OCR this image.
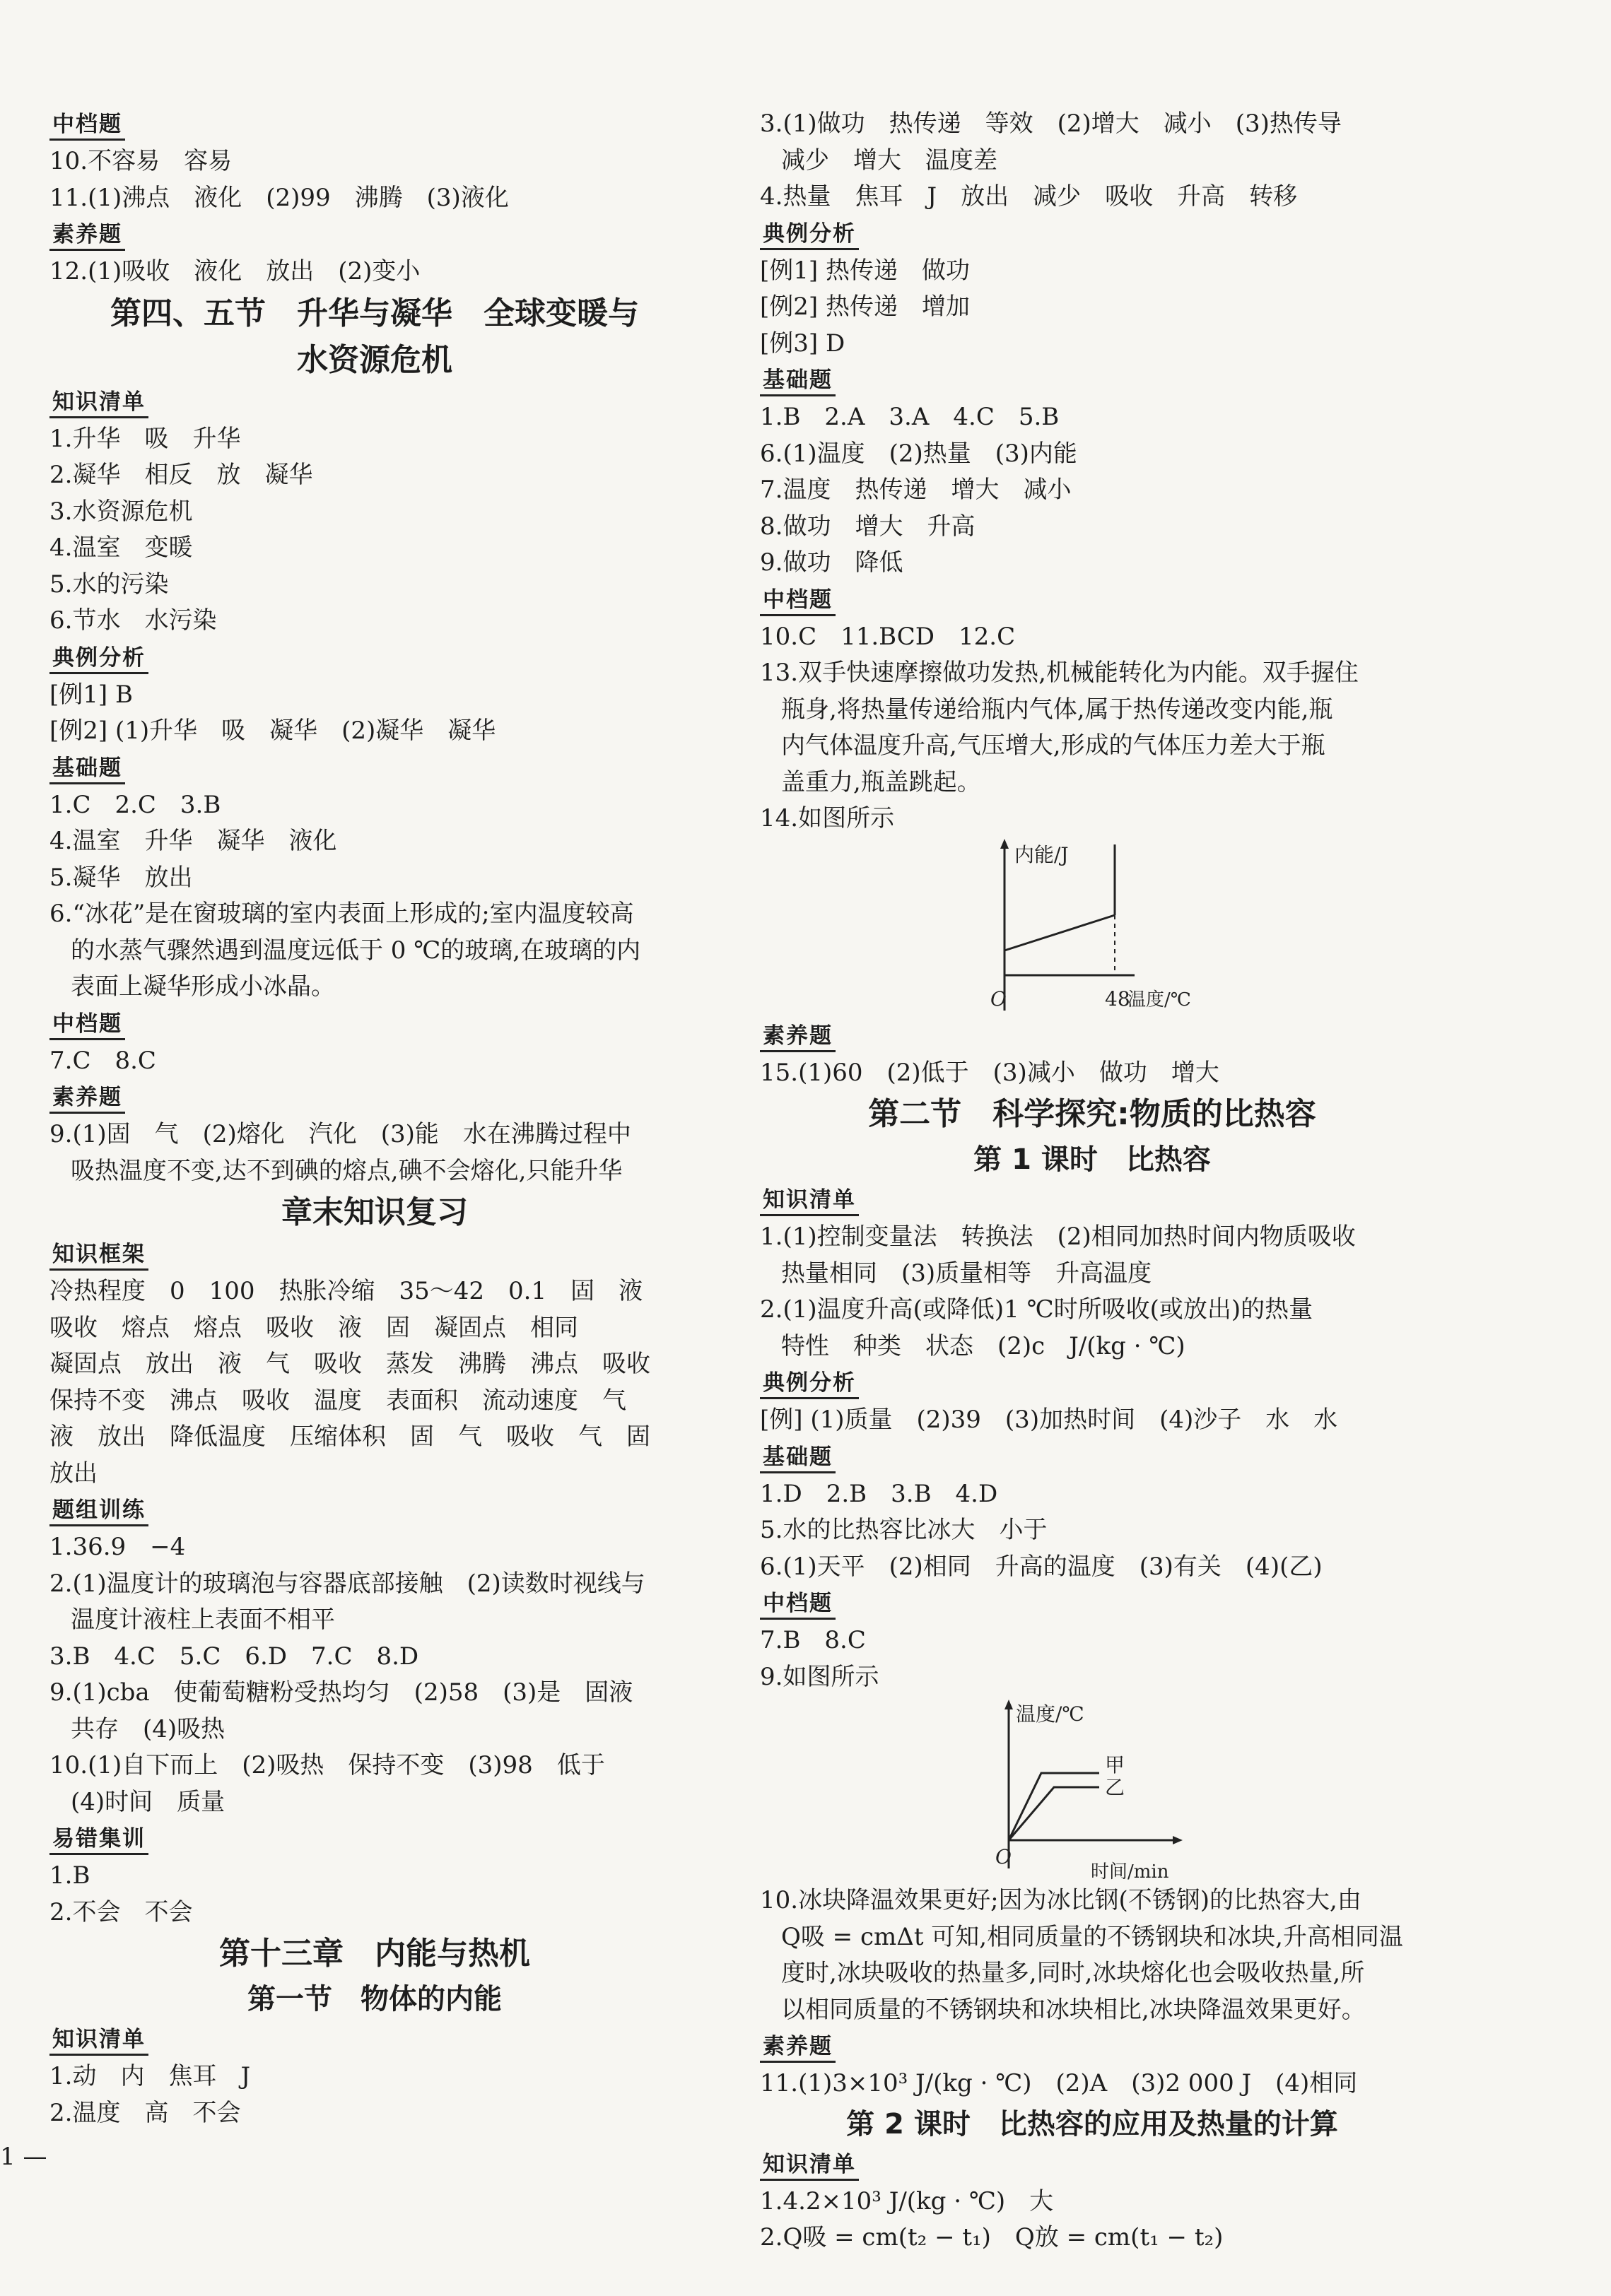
中档题
10.不容易　容易
11.(1)沸点　液化　(2)99　沸腾　(3)液化
素养题
12.(1)吸收　液化　放出　(2)变小
第四、五节　升华与凝华　全球变暖与
水资源危机
知识清单
1.升华　吸　升华
2.凝华　相反　放　凝华
3.水资源危机
4.温室　变暖
5.水的污染
6.节水　水污染
典例分析
[例1] B
[例2] (1)升华　吸　凝华　(2)凝华　凝华
基础题
1.C　2.C　3.B
4.温室　升华　凝华　液化
5.凝华　放出
6.“冰花”是在窗玻璃的室内表面上形成的;室内温度较高
的水蒸气骤然遇到温度远低于 0 ℃的玻璃,在玻璃的内
表面上凝华形成小冰晶。
中档题
7.C　8.C
素养题
9.(1)固　气　(2)熔化　汽化　(3)能　水在沸腾过程中
吸热温度不变,达不到碘的熔点,碘不会熔化,只能升华
章末知识复习
知识框架
冷热程度　0　100　热胀冷缩　35～42　0.1　固　液
吸收　熔点　熔点　吸收　液　固　凝固点　相同
凝固点　放出　液　气　吸收　蒸发　沸腾　沸点　吸收
保持不变　沸点　吸收　温度　表面积　流动速度　气
液　放出　降低温度　压缩体积　固　气　吸收　气　固
放出
题组训练
1.36.9　−4
2.(1)温度计的玻璃泡与容器底部接触　(2)读数时视线与
温度计液柱上表面不相平
3.B　4.C　5.C　6.D　7.C　8.D
9.(1)cba　使葡萄糖粉受热均匀　(2)58　(3)是　固液
共存　(4)吸热
10.(1)自下而上　(2)吸热　保持不变　(3)98　低于
(4)时间　质量
易错集训
1.B
2.不会　不会
第十三章　内能与热机
第一节　物体的内能
知识清单
1.动　内　焦耳　J
2.温度　高　不会
3.(1)做功　热传递　等效　(2)增大　减小　(3)热传导
减少　增大　温度差
4.热量　焦耳　J　放出　减少　吸收　升高　转移
典例分析
[例1] 热传递　做功
[例2] 热传递　增加
[例3] D
基础题
1.B　2.A　3.A　4.C　5.B
6.(1)温度　(2)热量　(3)内能
7.温度　热传递　增大　减小
8.做功　增大　升高
9.做功　降低
中档题
10.C　11.BCD　12.C
13.双手快速摩擦做功发热,机械能转化为内能。双手握住
瓶身,将热量传递给瓶内气体,属于热传递改变内能,瓶
内气体温度升高,气压增大,形成的气体压力差大于瓶
盖重力,瓶盖跳起。
14.如图所示
内能/J
O	48
温度/℃
素养题
15.(1)60　(2)低于　(3)减小　做功　增大
第二节　科学探究:物质的比热容
第 1 课时　比热容
知识清单
1.(1)控制变量法　转换法　(2)相同加热时间内物质吸收
热量相同　(3)质量相等　升高温度
2.(1)温度升高(或降低)1 ℃时所吸收(或放出)的热量
特性　种类　状态　(2)c　J/(kg · ℃)
典例分析
[例] (1)质量　(2)39　(3)加热时间　(4)沙子　水　水
基础题
1.D　2.B　3.B　4.D
5.水的比热容比冰大　小于
6.(1)天平　(2)相同　升高的温度　(3)有关　(4)(乙)
中档题
7.B　8.C
9.如图所示
温度/℃
甲
乙
O
时间/min
10.冰块降温效果更好;因为冰比钢(不锈钢)的比热容大,由
Q吸 = cmΔt 可知,相同质量的不锈钢块和冰块,升高相同温
度时,冰块吸收的热量多,同时,冰块熔化也会吸收热量,所
以相同质量的不锈钢块和冰块相比,冰块降温效果更好。
素养题
11.(1)3×10³ J/(kg · ℃)　(2)A　(3)2 000 J　(4)相同
第 2 课时　比热容的应用及热量的计算
知识清单
1.4.2×10³ J/(kg · ℃)　大
2.Q吸 = cm(t₂ − t₁)　Q放 = cm(t₁ − t₂)
1 —
